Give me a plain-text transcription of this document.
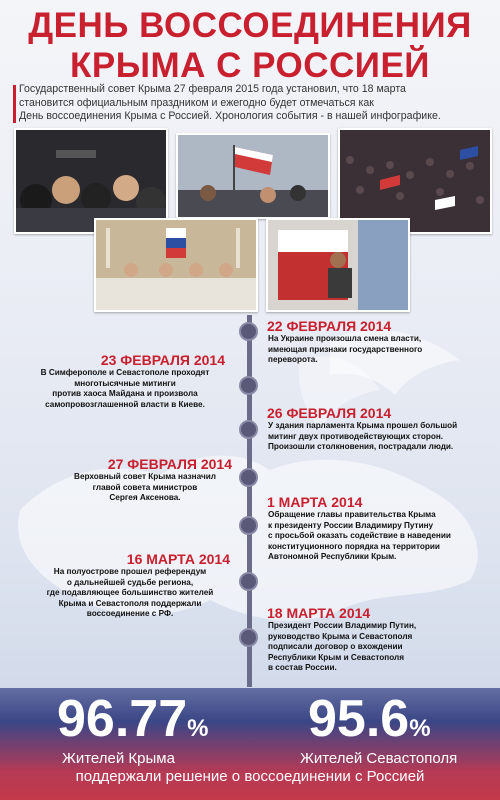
ДЕНЬ ВОССОЕДИНЕНИЯ
КРЫМА С РОССИЕЙ

Государственный совет Крыма 27 февраля 2015 года установил, что 18 марта

становится официальным праздником и ежегодно будет отмечаться как

День воссоединения Крыма с Россией. Хронология события - в нашей инфографике.

22 ФЕВРАЛЯ 2014
На Украине произошла смена власти,
имеющая признаки государственного
переворота.
26 ФЕВРАЛЯ 2014
У здания парламента Крыма прошел большой
митинг двух противодействующих сторон.
Произошли столкновения, пострадали люди.
1 МАРТА 2014
Обращение главы правительства Крыма
к президенту России Владимиру Путину
с просьбой оказать содействие в наведении
конституционного порядка на территории
Автономной Республики Крым.
18 МАРТА 2014
Президент России Владимир Путин,
руководство Крыма и Севастополя
подписали договор о вхождении
Республики Крым и Севастополя
в состав России.
23 ФЕВРАЛЯ 2014
В Симферополе и Севастополе проходят
многотысячные митинги
против хаоса Майдана и произвола
самопровозглашенной власти в Киеве.
27 ФЕВРАЛЯ 2014
Верховный совет Крыма назначил
главой совета министров
Сергея Аксенова.
16 МАРТА 2014
На полуострове прошел референдум
о дальнейшей судьбе региона,
где подавляющее большинство жителей
Крыма и Севастополя поддержали
воссоединение с РФ.
96.77%
Жителей Крыма
95.6%
Жителей Севастополя
поддержали решение о воссоединении с Россией
